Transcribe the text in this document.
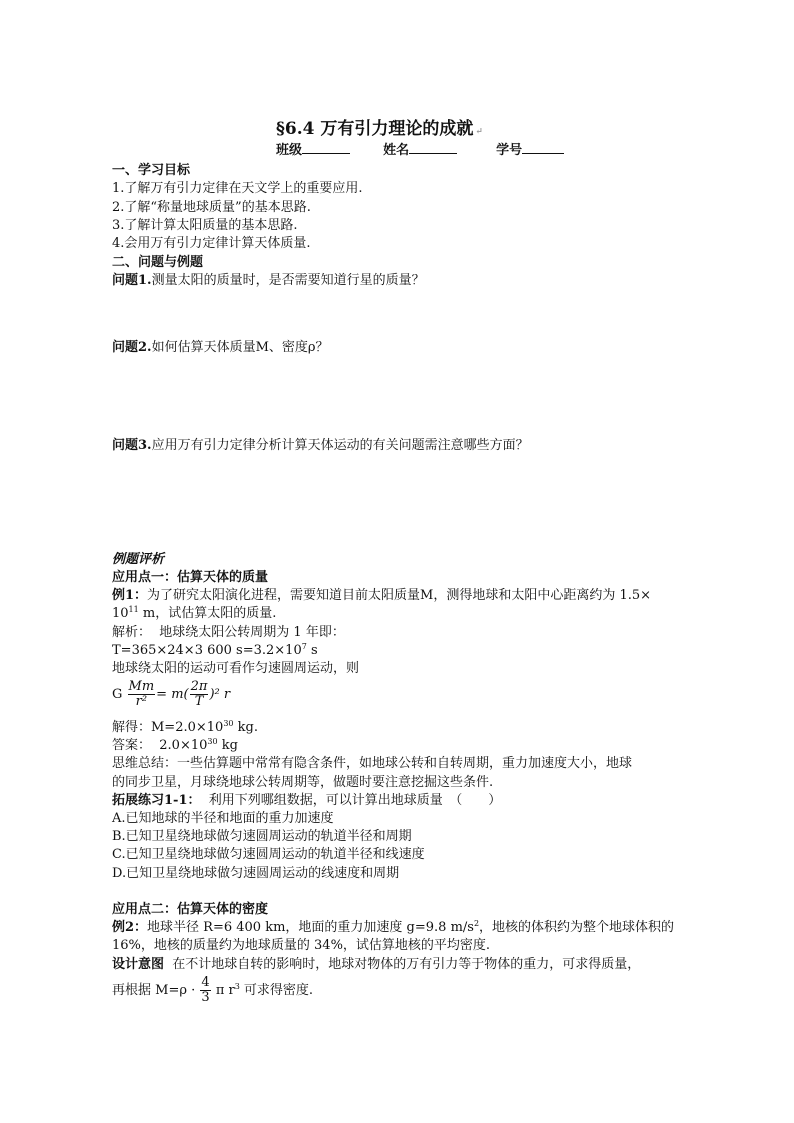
§6.4 万有引力理论的成就 ↵
班级	姓名	学号
一、学习目标
1.了解万有引力定律在天文学上的重要应用.
2.了解“称量地球质量”的基本思路.
3.了解计算太阳质量的基本思路.
4.会用万有引力定律计算天体质量.
二、问题与例题
问题1.测量太阳的质量时，是否需要知道行星的质量？
问题2.如何估算天体质量M、密度ρ？
问题3.应用万有引力定律分析计算天体运动的有关问题需注意哪些方面？
例题评析
应用点一：估算天体的质量
例1：为了研究太阳演化进程，需要知道目前太阳质量M，测得地球和太阳中心距离约为 1.5×
$10^{11}$ m，试估算太阳的质量.
解析： 地球绕太阳公转周期为 1 年即：
T=365×24×3 600 $s=3.2\times 10^7$ s
地球绕太阳的运动可看作匀速圆周运动，则
G $\frac{Mm}{\text{r²}} = m( \frac{2\pi}{T} )^2$ r
解得：$M=2.0\times 10^{30}$ kg.
答案： $2.0\times 10^{30}$ kg
思维总结：一些估算题中常常有隐含条件，如地球公转和自转周期，重力加速度大小，地球
的同步卫星，月球绕地球公转周期等，做题时要注意挖掘这些条件.
拓展练习1-1： 利用下列哪组数据，可以计算出地球质量　（　　）
A.已知地球的半径和地面的重力加速度
B.已知卫星绕地球做匀速圆周运动的轨道半径和周期
C.已知卫星绕地球做匀速圆周运动的轨道半径和线速度
D.已知卫星绕地球做匀速圆周运动的线速度和周期
应用点二：估算天体的密度
例2：地球半径 R=6 400 km，地面的重力加速度 g=9.8 $m/s^2$，地核的体积约为整个地球体积的
16%，地核的质量约为地球质量的 34%，试估算地核的平均密度.
设计意图 在不计地球自转的影响时，地球对物体的万有引力等于物体的重力，可求得质量，
再根据 $M=\rho \cdot \frac{4}{3}$ π $r^3$ 可求得密度.
